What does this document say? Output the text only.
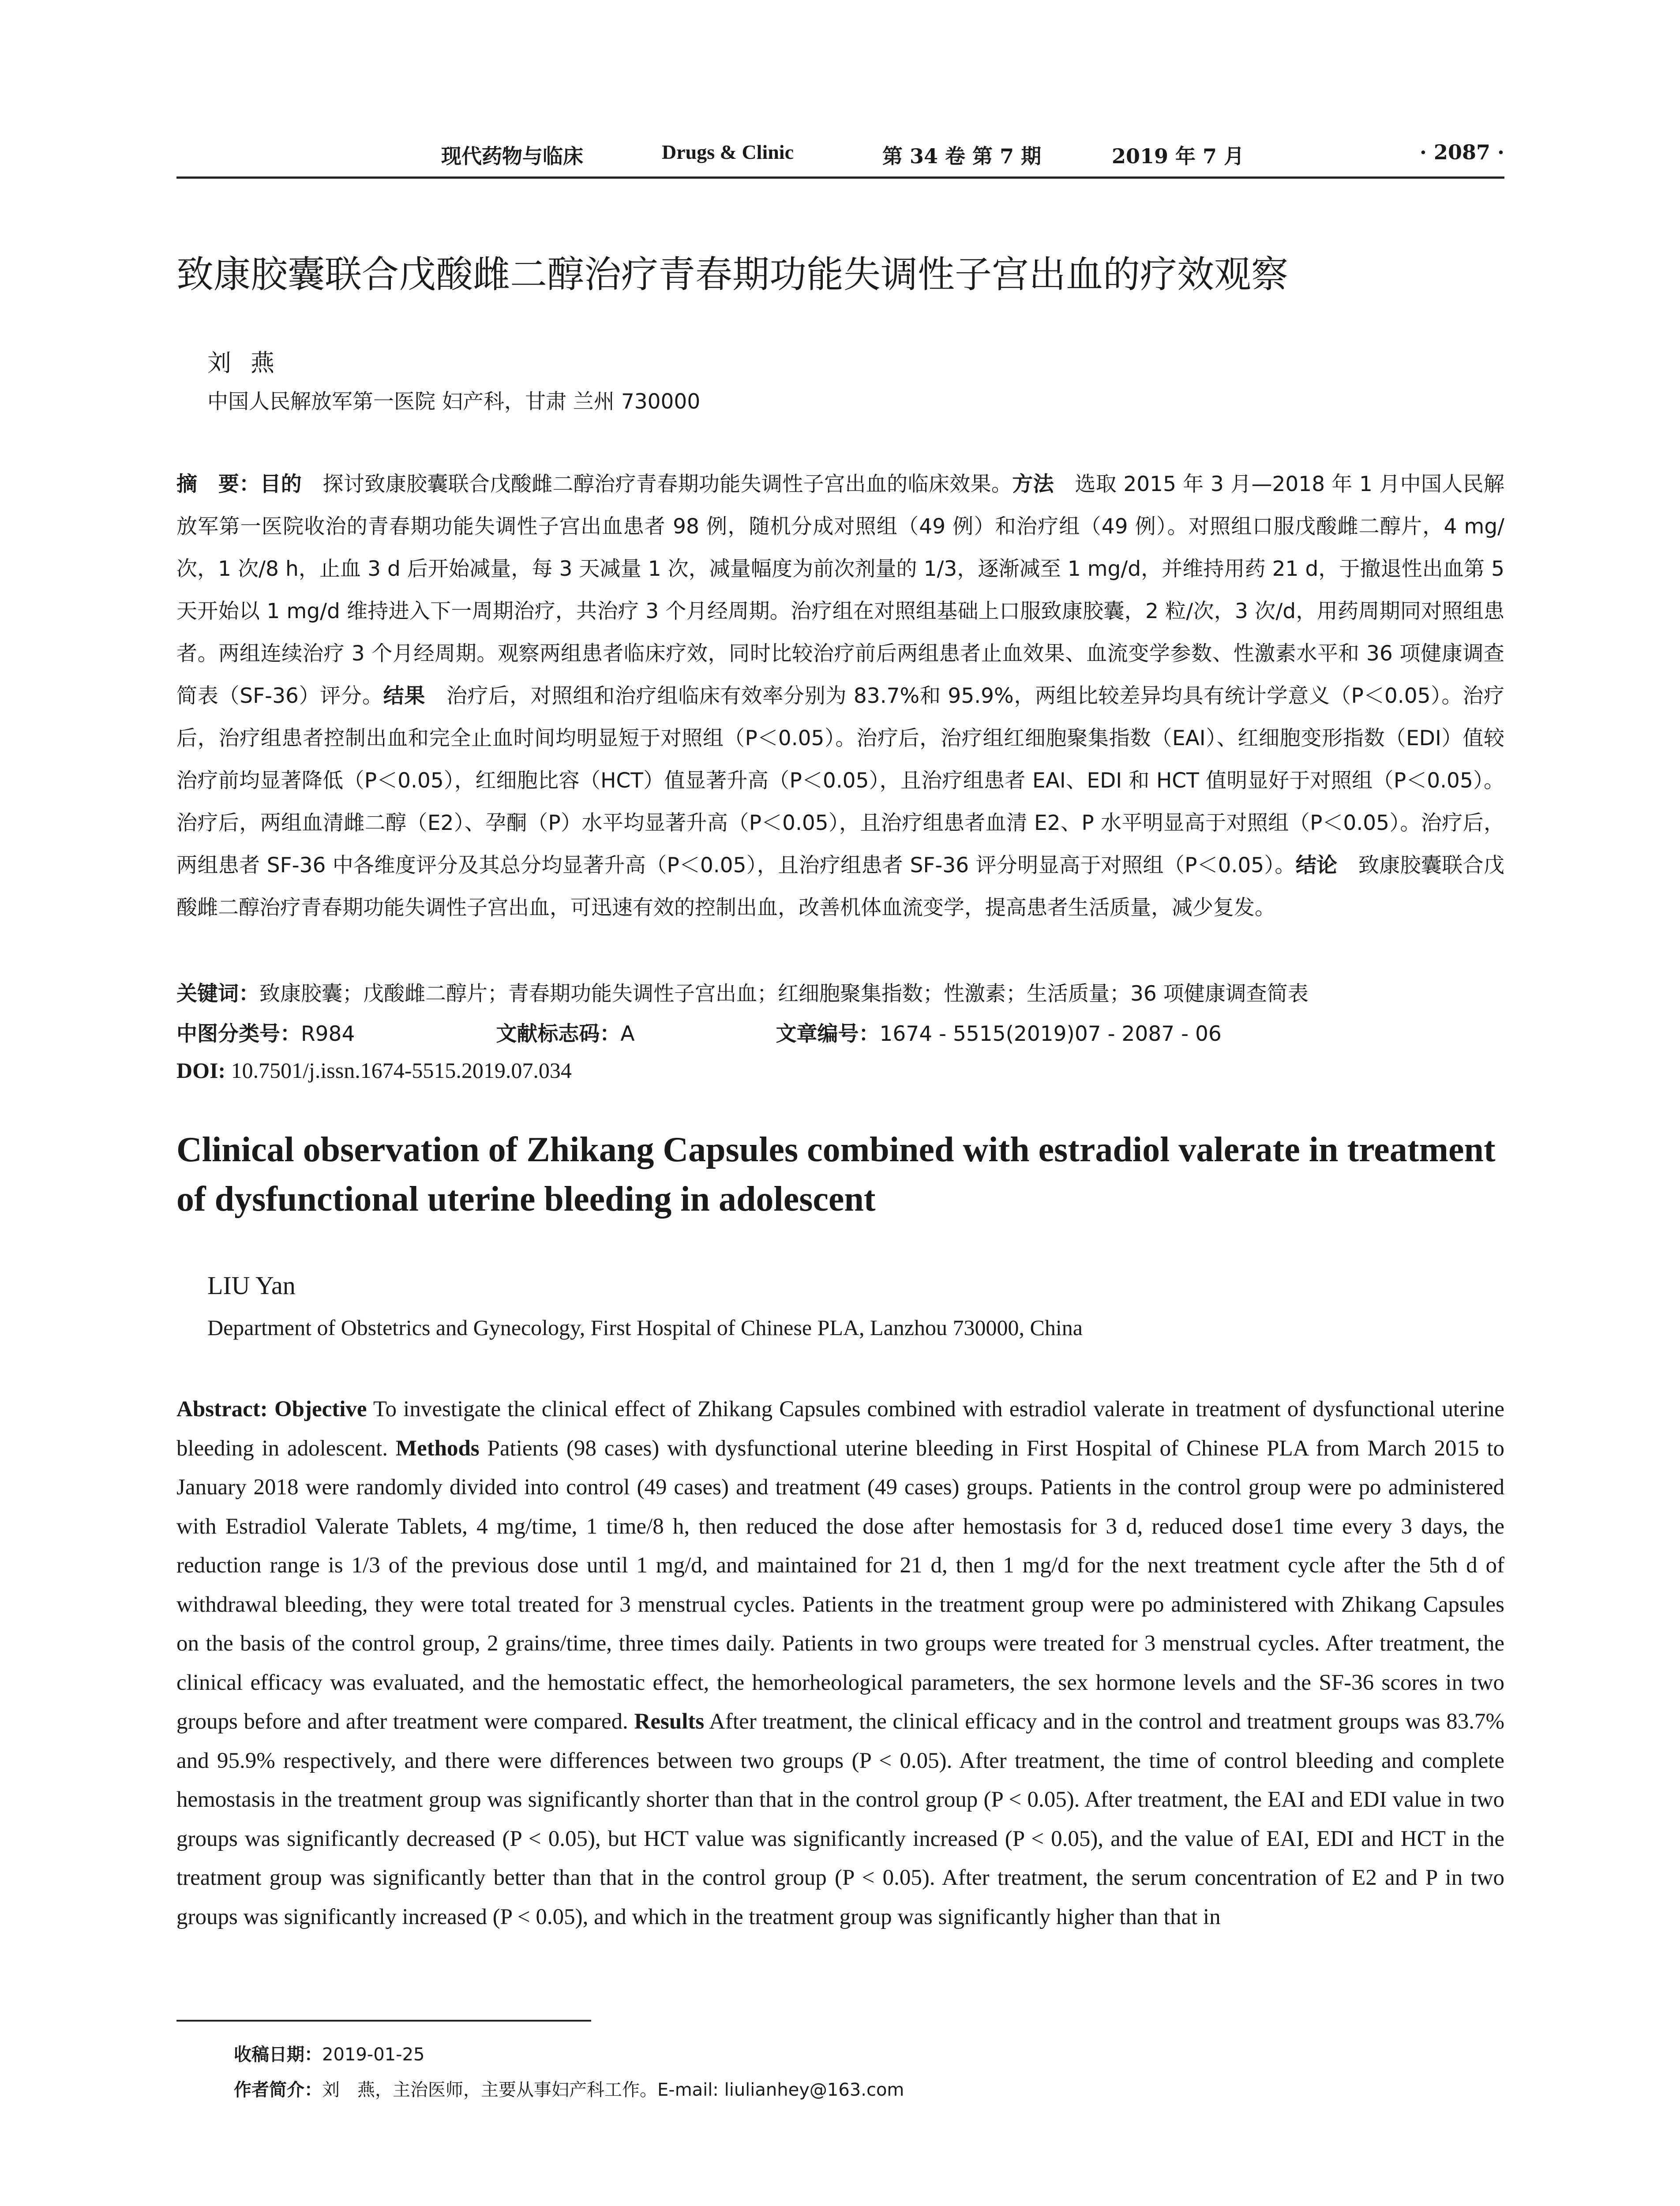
现代药物与临床	Drugs & Clinic	第 34 卷 第 7 期	2019 年 7 月	· 2087 ·
致康胶囊联合戊酸雌二醇治疗青春期功能失调性子宫出血的疗效观察
刘燕
中国人民解放军第一医院 妇产科，甘肃 兰州 730000

摘　要：目的　探讨致康胶囊联合戊酸雌二醇治疗青春期功能失调性子宫出血的临床效果。方法　选取 2015 年 3 月—2018 年 1 月中国人民解放军第一医院收治的青春期功能失调性子宫出血患者 98 例，随机分成对照组（49 例）和治疗组（49 例）。对照组口服戊酸雌二醇片，4 mg/次，1 次/8 h，止血 3 d 后开始减量，每 3 天减量 1 次，减量幅度为前次剂量的 1/3，逐渐减至 1 mg/d，并维持用药 21 d，于撤退性出血第 5 天开始以 1 mg/d 维持进入下一周期治疗，共治疗 3 个月经周期。治疗组在对照组基础上口服致康胶囊，2 粒/次，3 次/d，用药周期同对照组患者。两组连续治疗 3 个月经周期。观察两组患者临床疗效，同时比较治疗前后两组患者止血效果、血流变学参数、性激素水平和 36 项健康调查简表（SF-36）评分。结果　治疗后，对照组和治疗组临床有效率分别为 83.7%和 95.9%，两组比较差异均具有统计学意义（P＜0.05）。治疗后，治疗组患者控制出血和完全止血时间均明显短于对照组（P＜0.05）。治疗后，治疗组红细胞聚集指数（EAI）、红细胞变形指数（EDI）值较治疗前均显著降低（P＜0.05），红细胞比容（HCT）值显著升高（P＜0.05），且治疗组患者 EAI、EDI 和 HCT 值明显好于对照组（P＜0.05）。治疗后，两组血清雌二醇（E2）、孕酮（P）水平均显著升高（P＜0.05），且治疗组患者血清 E2、P 水平明显高于对照组（P＜0.05）。治疗后，两组患者 SF-36 中各维度评分及其总分均显著升高（P＜0.05），且治疗组患者 SF-36 评分明显高于对照组（P＜0.05）。结论　致康胶囊联合戊酸雌二醇治疗青春期功能失调性子宫出血，可迅速有效的控制出血，改善机体血流变学，提高患者生活质量，减少复发。

关键词：致康胶囊；戊酸雌二醇片；青春期功能失调性子宫出血；红细胞聚集指数；性激素；生活质量；36 项健康调查简表

中图分类号：R984	文献标志码：A	文章编号：1674 - 5515(2019)07 - 2087 - 06

DOI: 10.7501/j.issn.1674-5515.2019.07.034

Clinical observation of Zhikang Capsules combined with estradiol valerate in treatment of dysfunctional uterine bleeding in adolescent
LIU Yan
Department of Obstetrics and Gynecology, First Hospital of Chinese PLA, Lanzhou 730000, China

Abstract: Objective To investigate the clinical effect of Zhikang Capsules combined with estradiol valerate in treatment of dysfunctional uterine bleeding in adolescent. Methods Patients (98 cases) with dysfunctional uterine bleeding in First Hospital of Chinese PLA from March 2015 to January 2018 were randomly divided into control (49 cases) and treatment (49 cases) groups. Patients in the control group were po administered with Estradiol Valerate Tablets, 4 mg/time, 1 time/8 h, then reduced the dose after hemostasis for 3 d, reduced dose1 time every 3 days, the reduction range is 1/3 of the previous dose until 1 mg/d, and maintained for 21 d, then 1 mg/d for the next treatment cycle after the 5th d of withdrawal bleeding, they were total treated for 3 menstrual cycles. Patients in the treatment group were po administered with Zhikang Capsules on the basis of the control group, 2 grains/time, three times daily. Patients in two groups were treated for 3 menstrual cycles. After treatment, the clinical efficacy was evaluated, and the hemostatic effect, the hemorheological parameters, the sex hormone levels and the SF-36 scores in two groups before and after treatment were compared. Results After treatment, the clinical efficacy and in the control and treatment groups was 83.7% and 95.9% respectively, and there were differences between two groups (P < 0.05). After treatment, the time of control bleeding and complete hemostasis in the treatment group was significantly shorter than that in the control group (P < 0.05). After treatment, the EAI and EDI value in two groups was significantly decreased (P < 0.05), but HCT value was significantly increased (P < 0.05), and the value of EAI, EDI and HCT in the treatment group was significantly better than that in the control group (P < 0.05). After treatment, the serum concentration of E2 and P in two groups was significantly increased (P < 0.05), and which in the treatment group was significantly higher than that in

收稿日期：2019-01-25
作者简介：刘　燕，主治医师，主要从事妇产科工作。E-mail: liulianhey@163.com
